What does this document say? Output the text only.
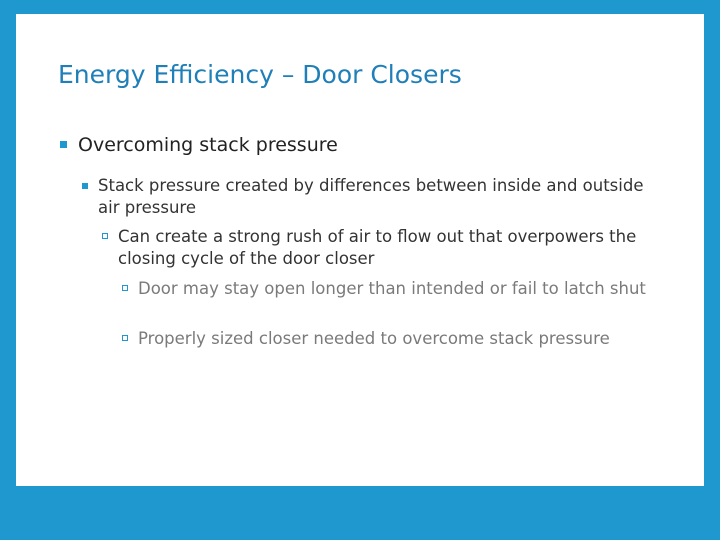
Energy Efficiency – Door Closers
Overcoming stack pressure
Stack pressure created by differences between inside and outside air pressure
Can create a strong rush of air to flow out that overpowers the closing cycle of the door closer
Door may stay open longer than intended or fail to latch shut
Properly sized closer needed to overcome stack pressure
